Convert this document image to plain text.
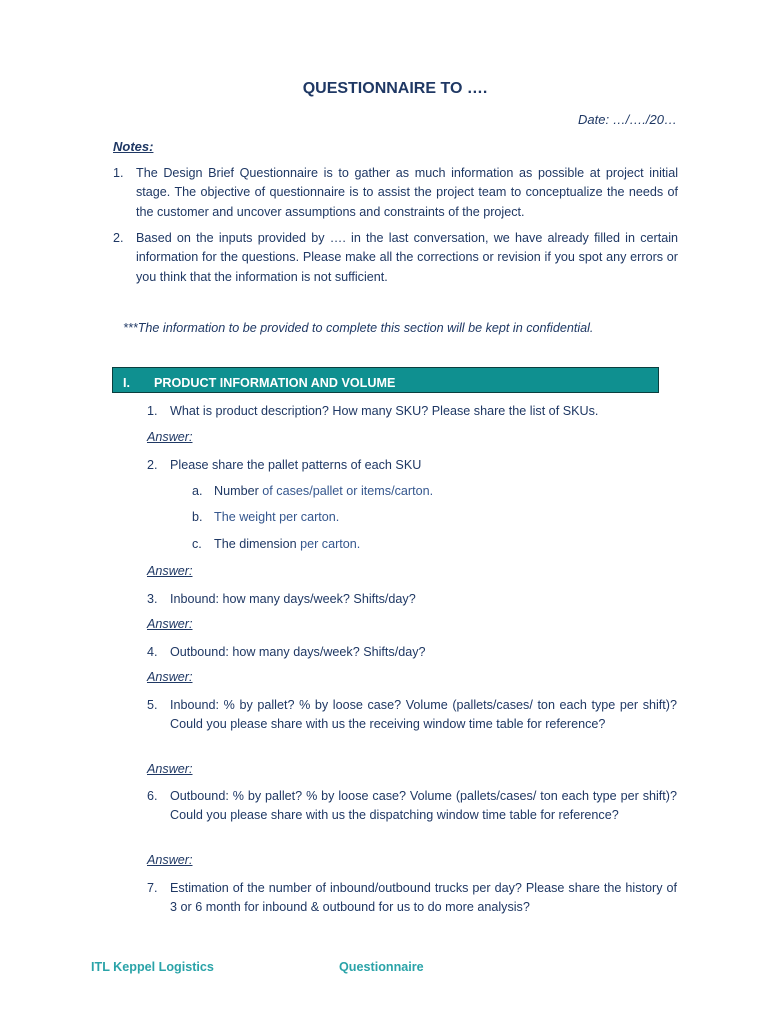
QUESTIONNAIRE TO ….
Date: …/…./20…
Notes:
1. The Design Brief Questionnaire is to gather as much information as possible at project initial stage. The objective of questionnaire is to assist the project team to conceptualize the needs of the customer and uncover assumptions and constraints of the project.
2. Based on the inputs provided by …. in the last conversation, we have already filled in certain information for the questions. Please make all the corrections or revision if you spot any errors or you think that the information is not sufficient.
***The information to be provided to complete this section will be kept in confidential.
I. PRODUCT INFORMATION AND VOLUME
1. What is product description? How many SKU? Please share the list of SKUs.
Answer:
2. Please share the pallet patterns of each SKU
a. Number of cases/pallet or items/carton.
b. The weight per carton.
c. The dimension per carton.
Answer:
3. Inbound: how many days/week? Shifts/day?
Answer:
4. Outbound: how many days/week? Shifts/day?
Answer:
5. Inbound: % by pallet? % by loose case? Volume (pallets/cases/ ton each type per shift)? Could you please share with us the receiving window time table for reference?
Answer:
6. Outbound: % by pallet? % by loose case? Volume (pallets/cases/ ton each type per shift)? Could you please share with us the dispatching window time table for reference?
Answer:
7. Estimation of the number of inbound/outbound trucks per day? Please share the history of 3 or 6 month for inbound & outbound for us to do more analysis?
ITL Keppel Logistics	Questionnaire
